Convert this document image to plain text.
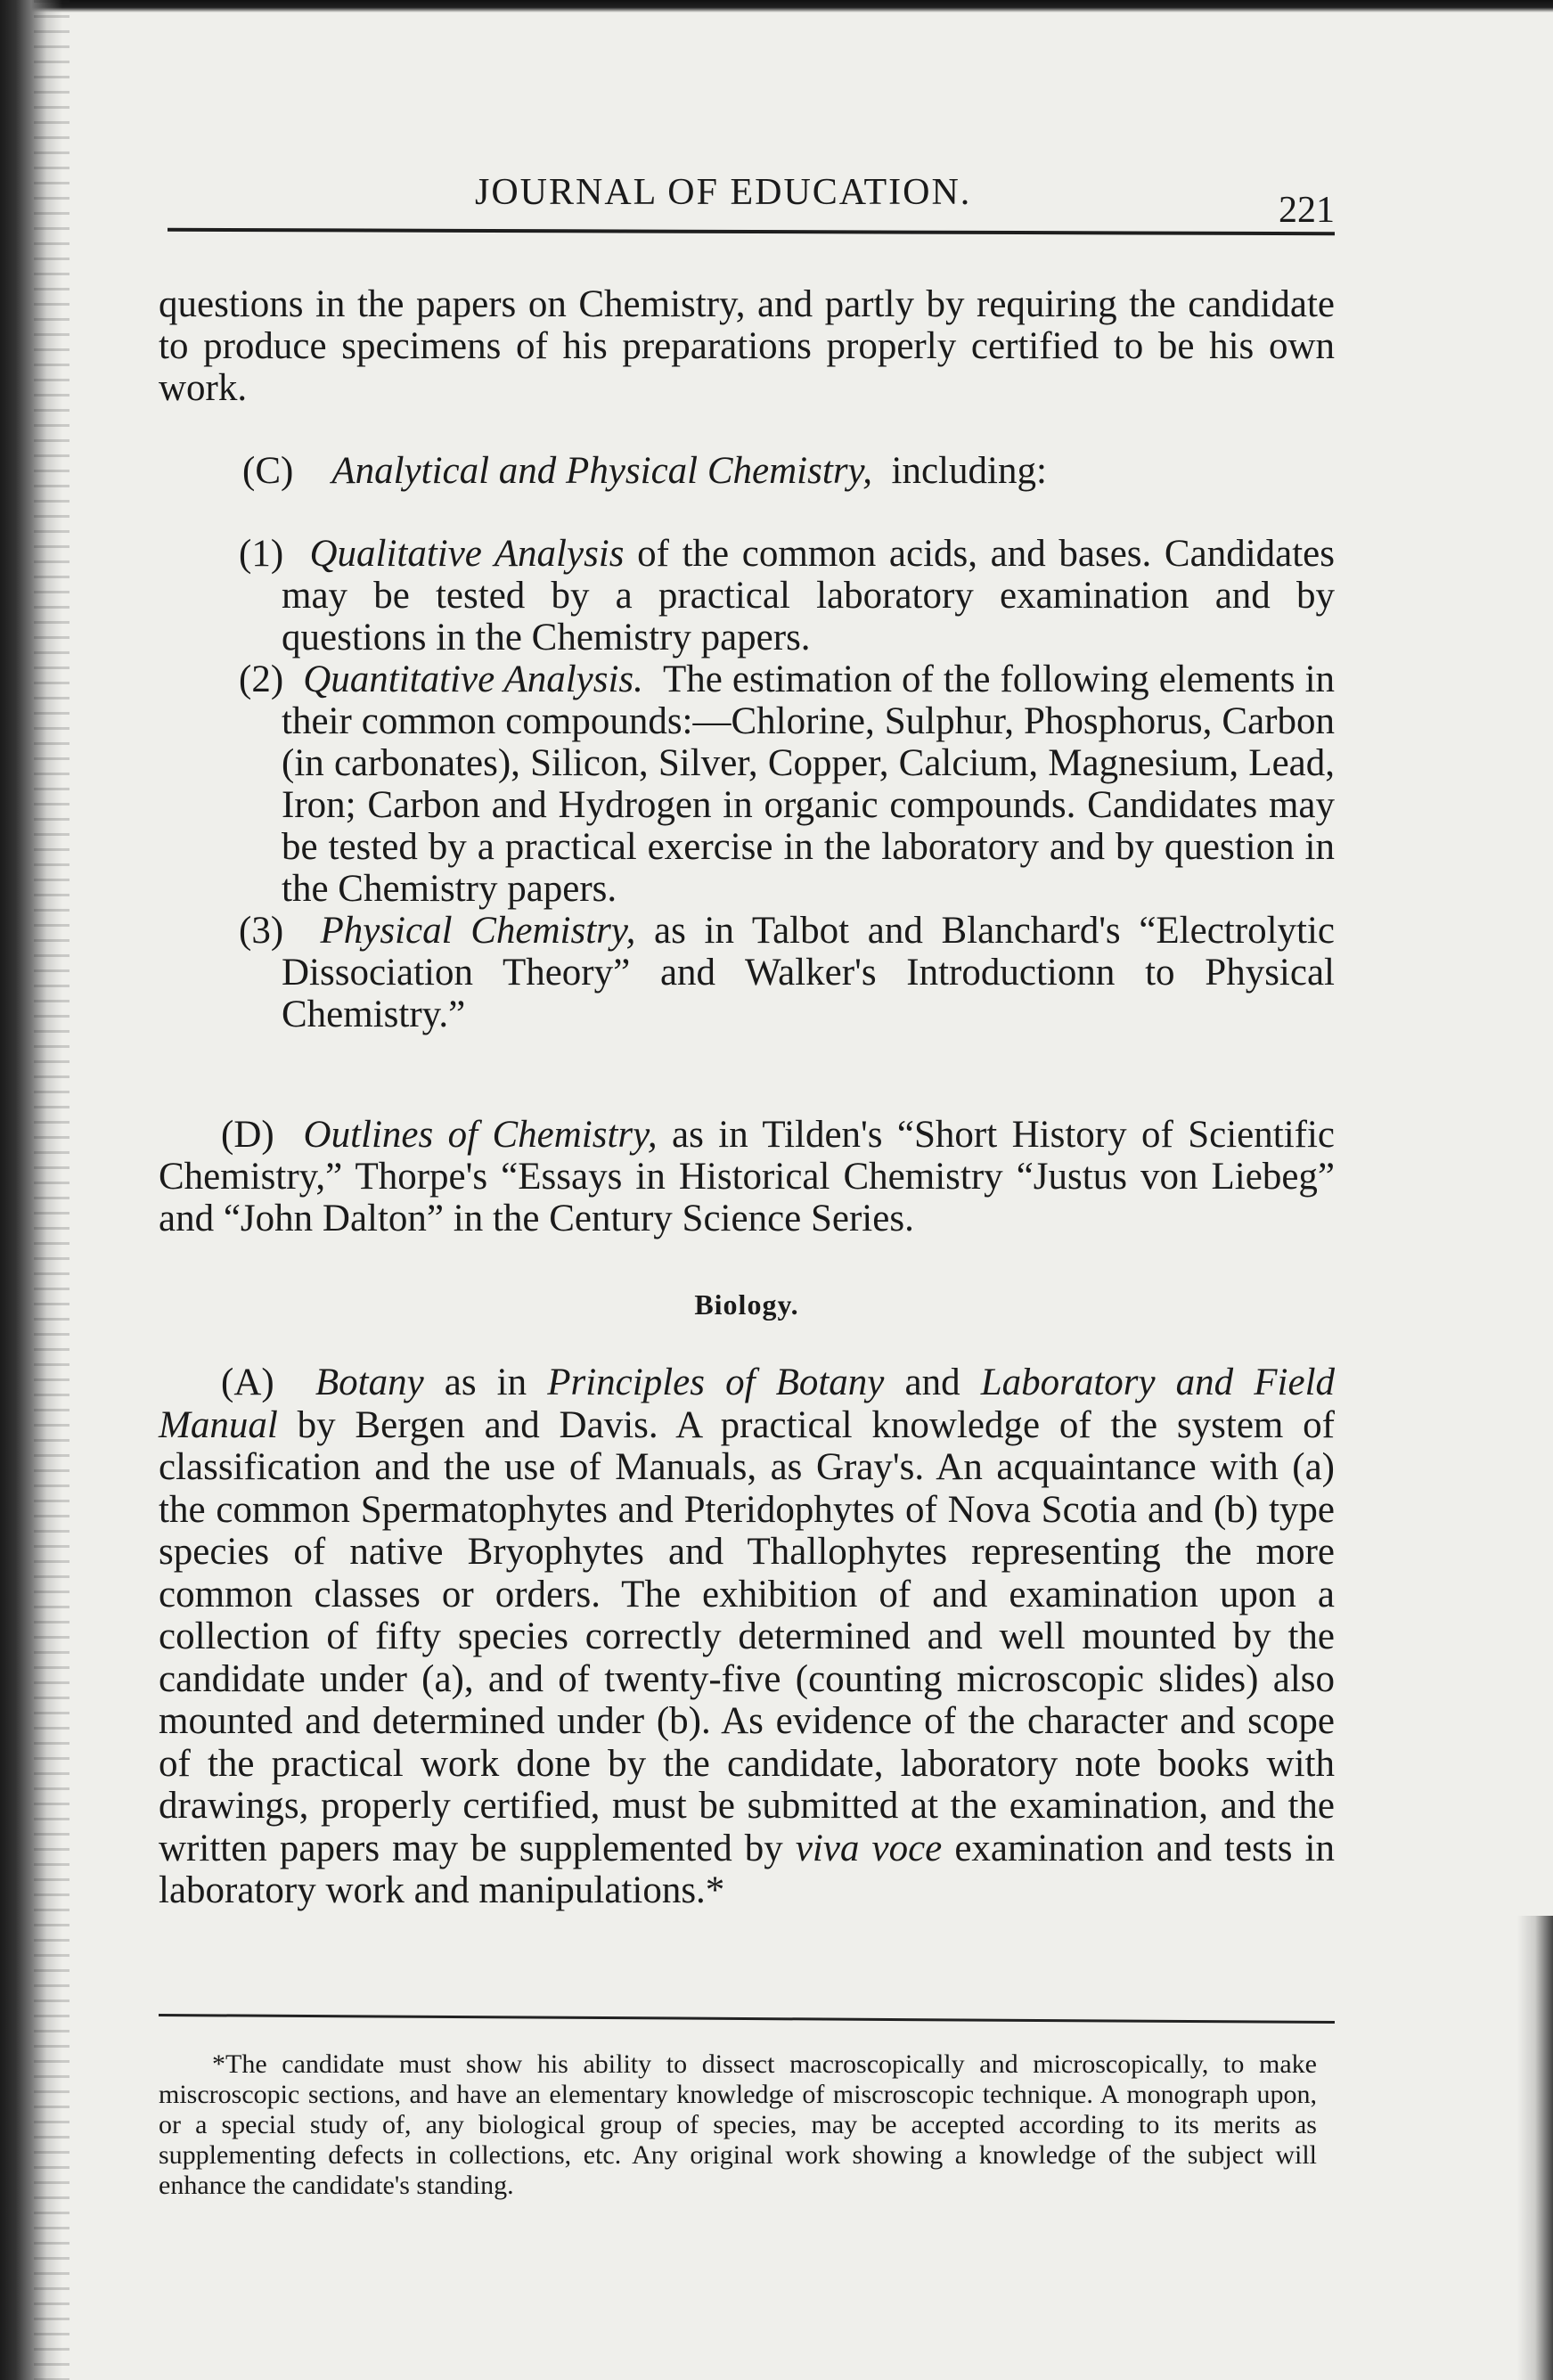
JOURNAL OF EDUCATION.	221

questions in the papers on Chemistry, and partly by requiring the candidate to produce specimens of his preparations properly certified to be his own work.

(C) Analytical and Physical Chemistry, including:

(1) Qualitative Analysis of the common acids, and bases. Candidates may be tested by a practical laboratory examination and by questions in the Chemistry papers.

(2) Quantitative Analysis. The estimation of the following elements in their common compounds:—Chlorine, Sulphur, Phosphorus, Carbon (in carbonates), Silicon, Silver, Copper, Calcium, Magnesium, Lead, Iron; Carbon and Hydrogen in organic compounds. Candidates may be tested by a practical exercise in the laboratory and by question in the Chemistry papers.

(3) Physical Chemistry, as in Talbot and Blanchard's “Electrolytic Dissociation Theory” and Walker's Introductionn to Physical Chemistry.”

(D) Outlines of Chemistry, as in Tilden's “Short History of Scientific Chemistry,” Thorpe's “Essays in Historical Chemistry “Justus von Liebeg” and “John Dalton” in the Century Science Series.

Biology.

(A) Botany as in Principles of Botany and Laboratory and Field Manual by Bergen and Davis. A practical knowledge of the system of classification and the use of Manuals, as Gray's. An acquaintance with (a) the common Spermatophytes and Pteridophytes of Nova Scotia and (b) type species of native Bryophytes and Thallophytes representing the more common classes or orders. The exhibition of and examination upon a collection of fifty species correctly determined and well mounted by the candidate under (a), and of twenty-five (counting microscopic slides) also mounted and determined under (b). As evidence of the character and scope of the practical work done by the candidate, laboratory note books with drawings, properly certified, must be submitted at the examination, and the written papers may be supplemented by viva voce examination and tests in laboratory work and manipulations.*

*The candidate must show his ability to dissect macroscopically and microscopically, to make miscroscopic sections, and have an elementary knowledge of miscroscopic technique. A monograph upon, or a special study of, any biological group of species, may be accepted according to its merits as supplementing defects in collections, etc. Any original work showing a knowledge of the subject will enhance the candidate's standing.
